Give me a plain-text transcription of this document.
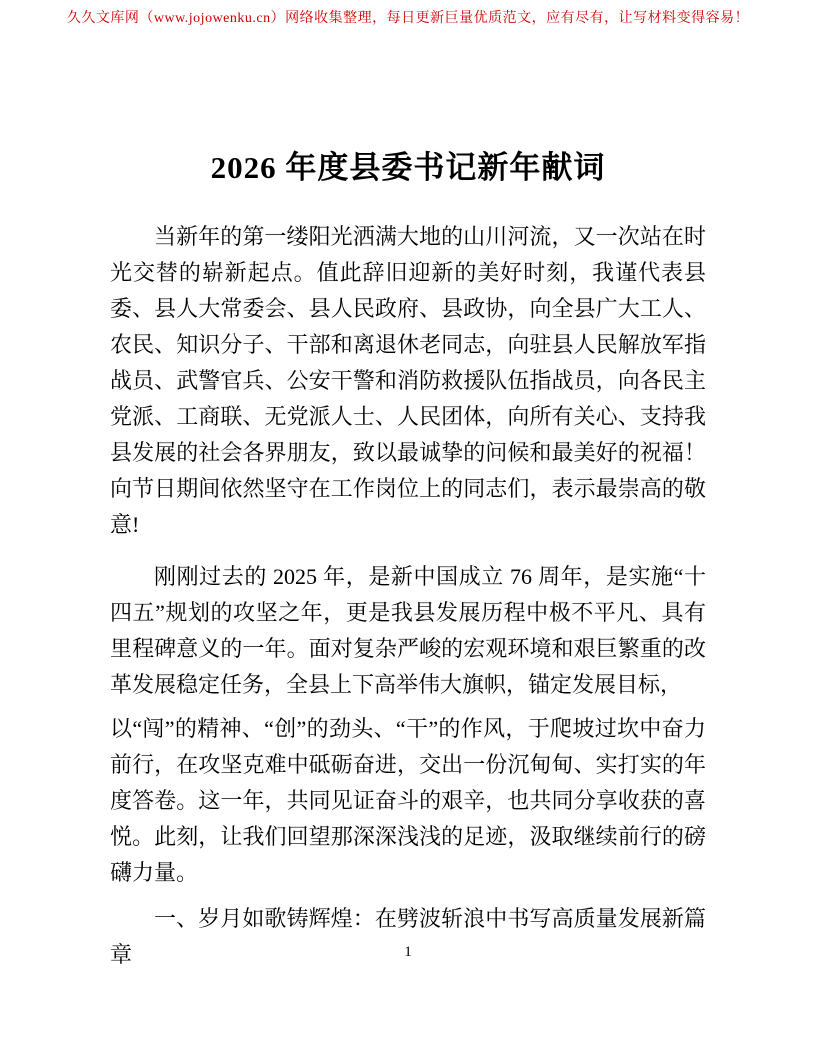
久久文库网（www.jojowenku.cn）网络收集整理，每日更新巨量优质范文，应有尽有，让写材料变得容易！
2026 年度县委书记新年献词

当新年的第一缕阳光洒满大地的山川河流，又一次站在时光交替的崭新起点。值此辞旧迎新的美好时刻，我谨代表县委、县人大常委会、县人民政府、县政协，向全县广大工人、农民、知识分子、干部和离退休老同志，向驻县人民解放军指战员、武警官兵、公安干警和消防救援队伍指战员，向各民主党派、工商联、无党派人士、人民团体，向所有关心、支持我县发展的社会各界朋友，致以最诚挚的问候和最美好的祝福！向节日期间依然坚守在工作岗位上的同志们，表示最崇高的敬意!

刚刚过去的 2025 年，是新中国成立 76 周年，是实施“十四五”规划的攻坚之年，更是我县发展历程中极不平凡、具有里程碑意义的一年。面对复杂严峻的宏观环境和艰巨繁重的改革发展稳定任务，全县上下高举伟大旗帜，锚定发展目标，

以“闯”的精神、“创”的劲头、“干”的作风，于爬坡过坎中奋力前行，在攻坚克难中砥砺奋进，交出一份沉甸甸、实打实的年度答卷。这一年，共同见证奋斗的艰辛，也共同分享收获的喜悦。此刻，让我们回望那深深浅浅的足迹，汲取继续前行的磅礴力量。

一、岁月如歌铸辉煌：在劈波斩浪中书写高质量发展新篇章	1
